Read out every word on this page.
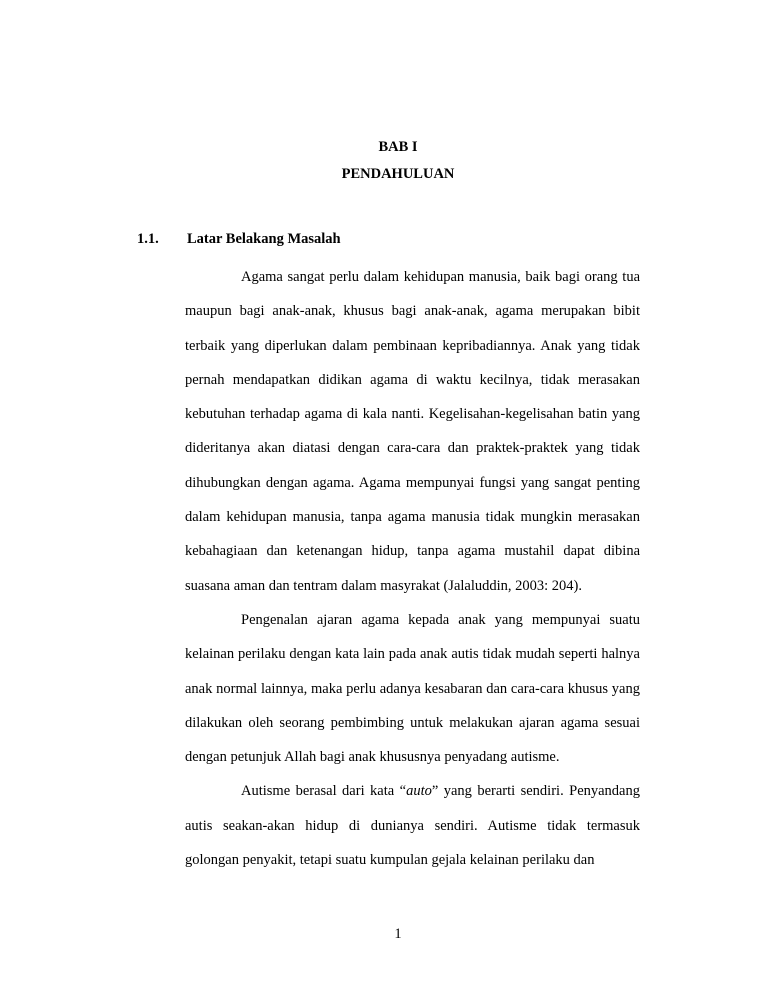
BAB I
PENDAHULUAN
1.1. Latar Belakang Masalah

Agama sangat perlu dalam kehidupan manusia, baik bagi orang tua maupun bagi anak-anak, khusus bagi anak-anak, agama merupakan bibit terbaik yang diperlukan dalam pembinaan kepribadiannya. Anak yang tidak pernah mendapatkan didikan agama di waktu kecilnya, tidak merasakan kebutuhan terhadap agama di kala nanti. Kegelisahan-kegelisahan batin yang dideritanya akan diatasi dengan cara-cara dan praktek-praktek yang tidak dihubungkan dengan agama. Agama mempunyai fungsi yang sangat penting dalam kehidupan manusia, tanpa agama manusia tidak mungkin merasakan kebahagiaan dan ketenangan hidup, tanpa agama mustahil dapat dibina suasana aman dan tentram dalam masyrakat (Jalaluddin, 2003: 204).

Pengenalan ajaran agama kepada anak yang mempunyai suatu kelainan perilaku dengan kata lain pada anak autis tidak mudah seperti halnya anak normal lainnya, maka perlu adanya kesabaran dan cara-cara khusus yang dilakukan oleh seorang pembimbing untuk melakukan ajaran agama sesuai dengan petunjuk Allah bagi anak khususnya penyadang autisme.

Autisme berasal dari kata “auto” yang berarti sendiri. Penyandang autis seakan-akan hidup di dunianya sendiri. Autisme tidak termasuk golongan penyakit, tetapi suatu kumpulan gejala kelainan perilaku dan

1
